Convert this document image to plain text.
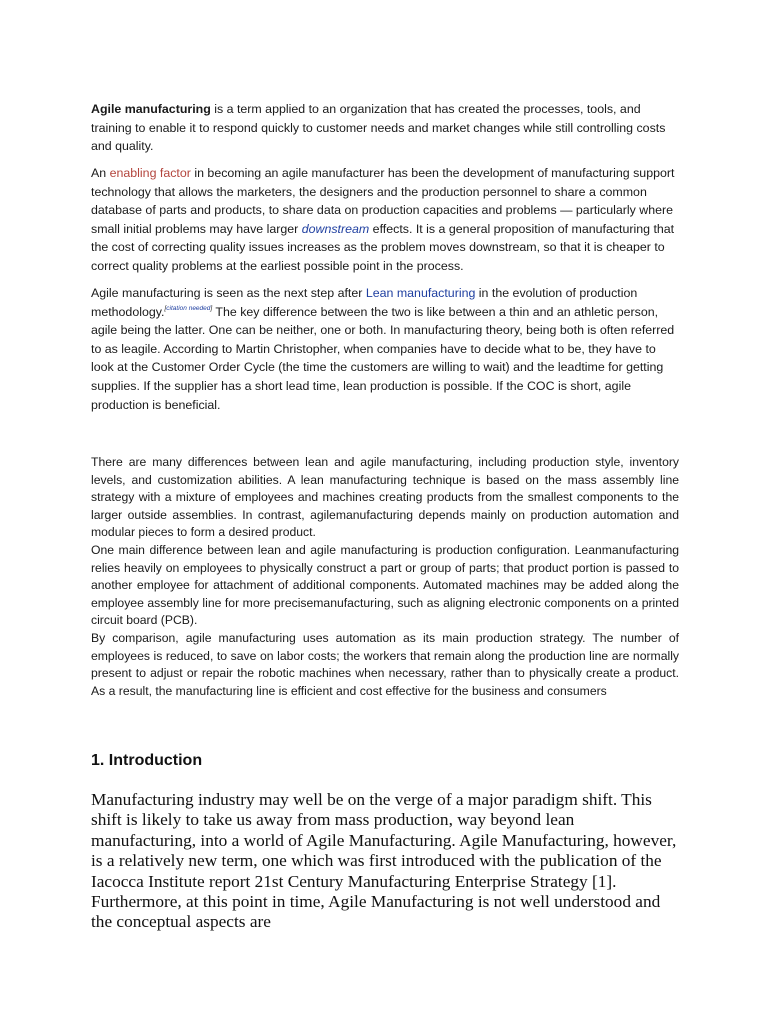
Agile manufacturing is a term applied to an organization that has created the processes, tools, and training to enable it to respond quickly to customer needs and market changes while still controlling costs and quality.

An enabling factor in becoming an agile manufacturer has been the development of manufacturing support technology that allows the marketers, the designers and the production personnel to share a common database of parts and products, to share data on production capacities and problems — particularly where small initial problems may have larger downstream effects. It is a general proposition of manufacturing that the cost of correcting quality issues increases as the problem moves downstream, so that it is cheaper to correct quality problems at the earliest possible point in the process.

Agile manufacturing is seen as the next step after Lean manufacturing in the evolution of production methodology.[citation needed] The key difference between the two is like between a thin and an athletic person, agile being the latter. One can be neither, one or both. In manufacturing theory, being both is often referred to as leagile. According to Martin Christopher, when companies have to decide what to be, they have to look at the Customer Order Cycle (the time the customers are willing to wait) and the leadtime for getting supplies. If the supplier has a short lead time, lean production is possible. If the COC is short, agile production is beneficial.

There are many differences between lean and agile manufacturing, including production style, inventory levels, and customization abilities. A lean manufacturing technique is based on the mass assembly line strategy with a mixture of employees and machines creating products from the smallest components to the larger outside assemblies. In contrast, agilemanufacturing depends mainly on production automation and modular pieces to form a desired product.

One main difference between lean and agile manufacturing is production configuration. Leanmanufacturing relies heavily on employees to physically construct a part or group of parts; that product portion is passed to another employee for attachment of additional components. Automated machines may be added along the employee assembly line for more precisemanufacturing, such as aligning electronic components on a printed circuit board (PCB).

By comparison, agile manufacturing uses automation as its main production strategy. The number of employees is reduced, to save on labor costs; the workers that remain along the production line are normally present to adjust or repair the robotic machines when necessary, rather than to physically create a product. As a result, the manufacturing line is efficient and cost effective for the business and consumers

1. Introduction

Manufacturing industry may well be on the verge of a major paradigm shift. This shift is likely to take us away from mass production, way beyond lean manufacturing, into a world of Agile Manufacturing. Agile Manufacturing, however, is a relatively new term, one which was first introduced with the publication of the Iacocca Institute report 21st Century Manufacturing Enterprise Strategy [1]. Furthermore, at this point in time, Agile Manufacturing is not well understood and the conceptual aspects are
